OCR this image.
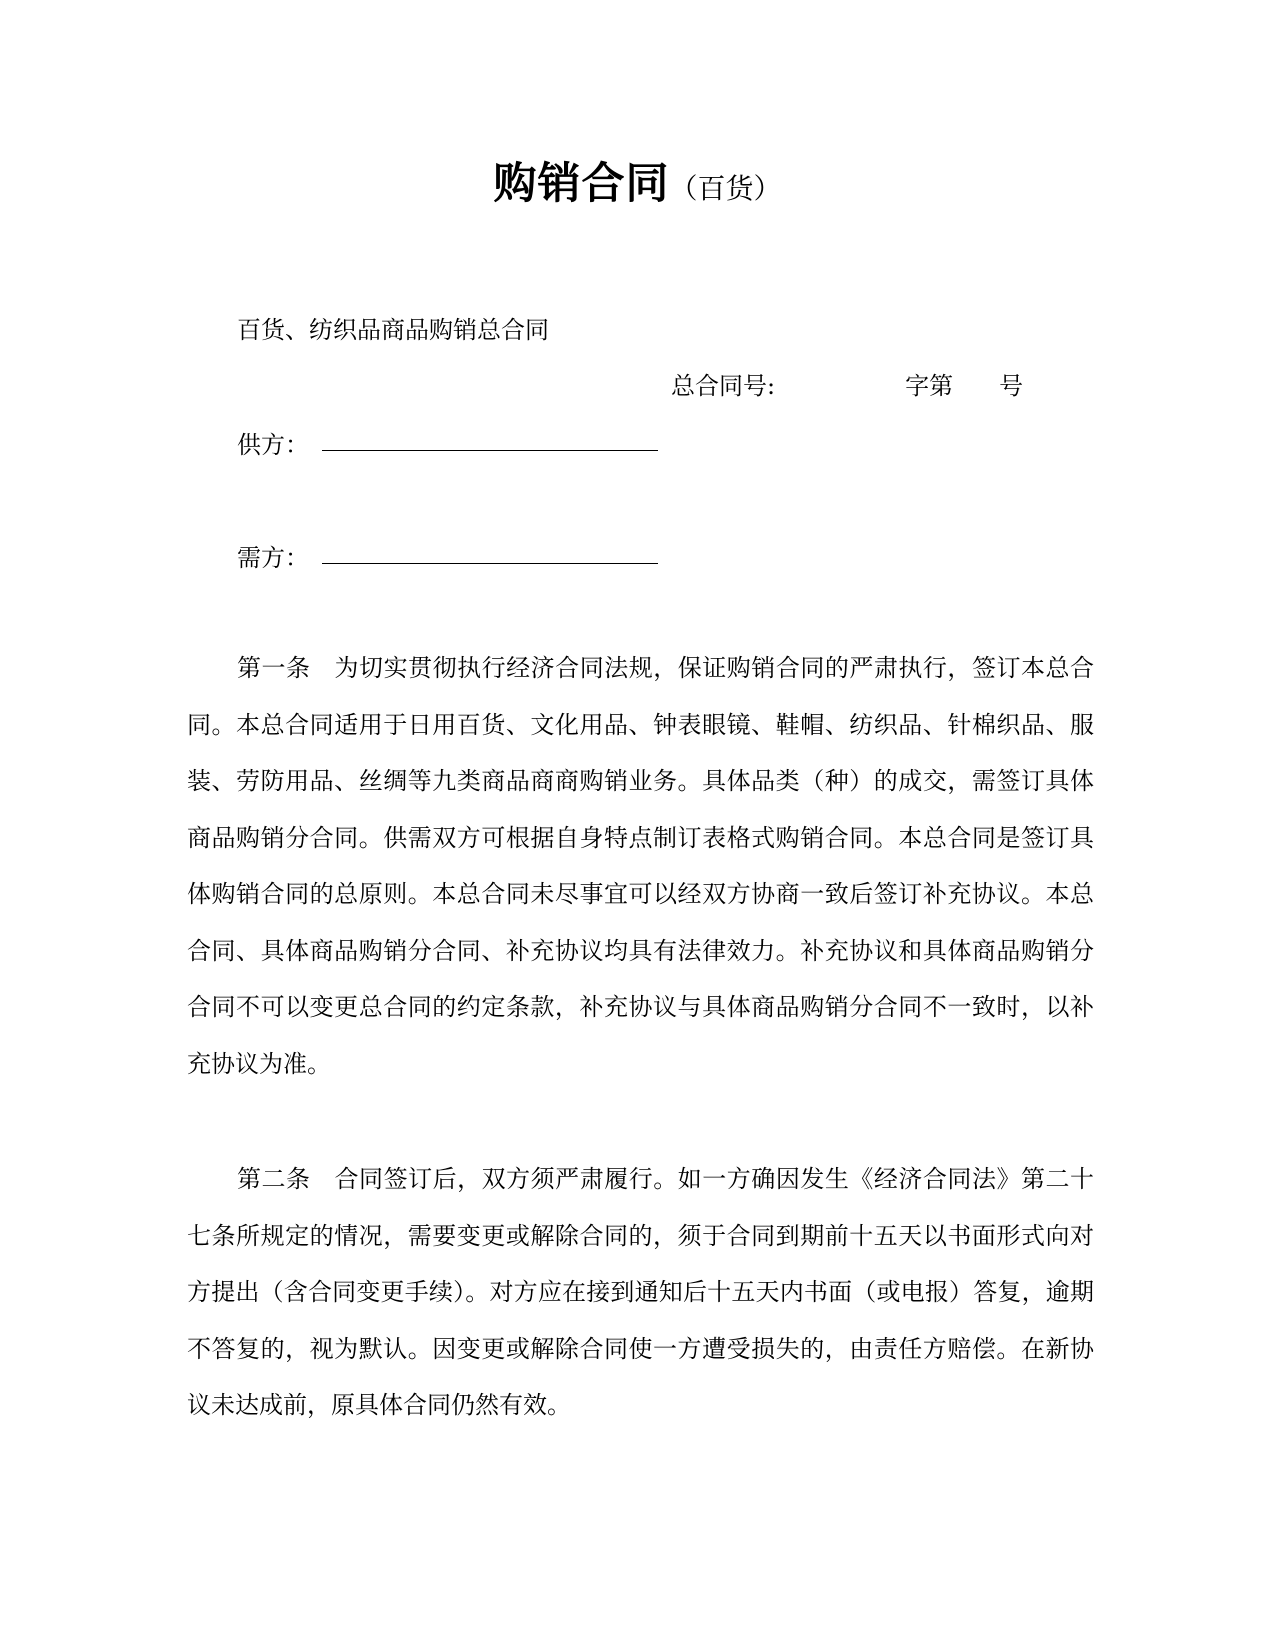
购销合同（百货）
百货、纺织品商品购销总合同
总合同号:	字第 号
供方：
需方：

第一条 为切实贯彻执行经济合同法规，保证购销合同的严肃执行，签订本总合同。本总合同适用于日用百货、文化用品、钟表眼镜、鞋帽、纺织品、针棉织品、服装、劳防用品、丝绸等九类商品商商购销业务。具体品类（种）的成交，需签订具体商品购销分合同。供需双方可根据自身特点制订表格式购销合同。本总合同是签订具体购销合同的总原则。本总合同未尽事宜可以经双方协商一致后签订补充协议。本总合同、具体商品购销分合同、补充协议均具有法律效力。补充协议和具体商品购销分合同不可以变更总合同的约定条款，补充协议与具体商品购销分合同不一致时，以补充协议为准。

第二条 合同签订后，双方须严肃履行。如一方确因发生《经济合同法》第二十七条所规定的情况，需要变更或解除合同的，须于合同到期前十五天以书面形式向对方提出（含合同变更手续）。对方应在接到通知后十五天内书面（或电报）答复，逾期不答复的，视为默认。因变更或解除合同使一方遭受损失的，由责任方赔偿。在新协议未达成前，原具体合同仍然有效。
